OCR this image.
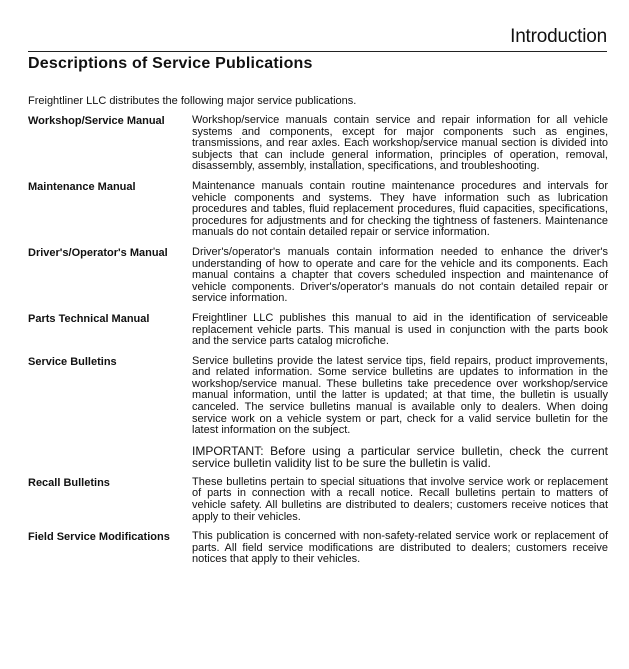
Introduction
Descriptions of Service Publications
Freightliner LLC distributes the following major service publications.
Workshop/Service Manual	Workshop/service manuals contain service and repair information for all vehicle systems and components, except for major components such as engines, transmissions, and rear axles. Each workshop/service manual section is divided into subjects that can include general information, principles of operation, removal, disassembly, assembly, installation, specifications, and troubleshooting.

Maintenance Manual	Maintenance manuals contain routine maintenance procedures and intervals for vehicle components and systems. They have information such as lubrication procedures and tables, fluid replacement procedures, fluid capacities, specifications, procedures for adjustments and for checking the tightness of fasteners. Maintenance manuals do not contain detailed repair or service information.

Driver's/Operator's Manual	Driver's/operator's manuals contain information needed to enhance the driver's understanding of how to operate and care for the vehicle and its components. Each manual contains a chapter that covers scheduled inspection and maintenance of vehicle components. Driver's/operator's manuals do not contain detailed repair or service information.

Parts Technical Manual	Freightliner LLC publishes this manual to aid in the identification of serviceable replacement vehicle parts. This manual is used in conjunction with the parts book and the service parts catalog microfiche.

Service Bulletins	Service bulletins provide the latest service tips, field repairs, product improvements, and related information. Some service bulletins are updates to information in the workshop/service manual. These bulletins take precedence over workshop/service manual information, until the latter is updated; at that time, the bulletin is usually canceled. The service bulletins manual is available only to dealers. When doing service work on a vehicle system or part, check for a valid service bulletin for the latest information on the subject.

IMPORTANT: Before using a particular service bulletin, check the current service bulletin validity list to be sure the bulletin is valid.

Recall Bulletins	These bulletins pertain to special situations that involve service work or replacement of parts in connection with a recall notice. Recall bulletins pertain to matters of vehicle safety. All bulletins are distributed to dealers; customers receive notices that apply to their vehicles.

Field Service Modifications	This publication is concerned with non-safety-related service work or replacement of parts. All field service modifications are distributed to dealers; customers receive notices that apply to their vehicles.
